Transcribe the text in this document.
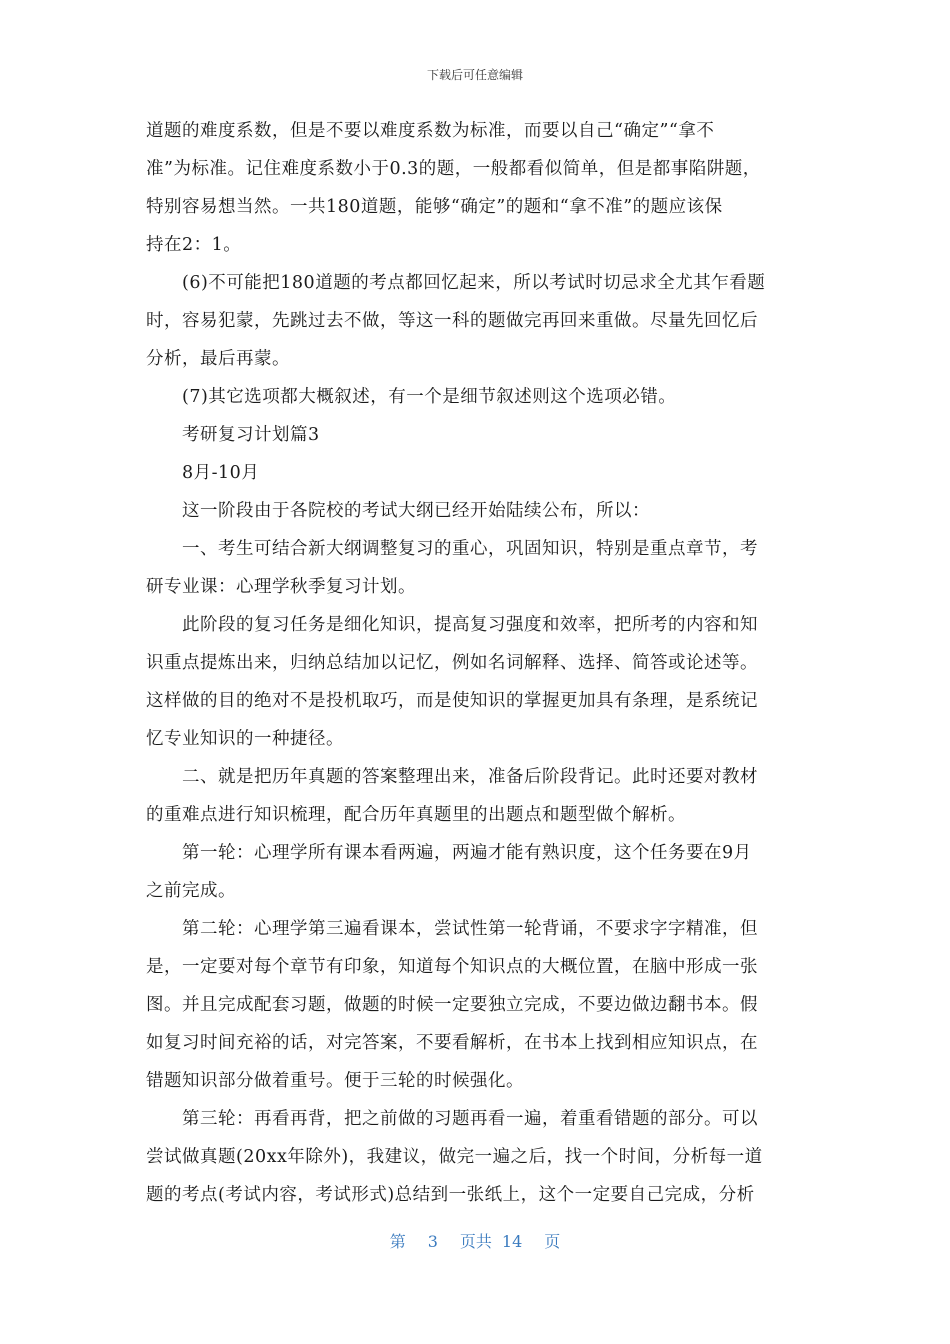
下载后可任意编辑
道题的难度系数，但是不要以难度系数为标准，而要以自己“确定”“拿不
准”为标准。记住难度系数小于0.3的题，一般都看似简单，但是都事陷阱题，
特别容易想当然。一共180道题，能够“确定”的题和“拿不准”的题应该保
持在2：1。
(6)不可能把180道题的考点都回忆起来，所以考试时切忌求全尤其乍看题
时，容易犯蒙，先跳过去不做，等这一科的题做完再回来重做。尽量先回忆后
分析，最后再蒙。
(7)其它选项都大概叙述，有一个是细节叙述则这个选项必错。
考研复习计划篇3
8月-10月
这一阶段由于各院校的考试大纲已经开始陆续公布，所以：
一、考生可结合新大纲调整复习的重心，巩固知识，特别是重点章节，考
研专业课：心理学秋季复习计划。
此阶段的复习任务是细化知识，提高复习强度和效率，把所考的内容和知
识重点提炼出来，归纳总结加以记忆，例如名词解释、选择、简答或论述等。
这样做的目的绝对不是投机取巧，而是使知识的掌握更加具有条理，是系统记
忆专业知识的一种捷径。
二、就是把历年真题的答案整理出来，准备后阶段背记。此时还要对教材
的重难点进行知识梳理，配合历年真题里的出题点和题型做个解析。
第一轮：心理学所有课本看两遍，两遍才能有熟识度，这个任务要在9月
之前完成。
第二轮：心理学第三遍看课本，尝试性第一轮背诵，不要求字字精准，但
是，一定要对每个章节有印象，知道每个知识点的大概位置，在脑中形成一张
图。并且完成配套习题，做题的时候一定要独立完成，不要边做边翻书本。假
如复习时间充裕的话，对完答案，不要看解析，在书本上找到相应知识点，在
错题知识部分做着重号。便于三轮的时候强化。
第三轮：再看再背，把之前做的习题再看一遍，着重看错题的部分。可以
尝试做真题(20xx年除外)，我建议，做完一遍之后，找一个时间，分析每一道
题的考点(考试内容，考试形式)总结到一张纸上，这个一定要自己完成，分析
第 3 页共 14 页
